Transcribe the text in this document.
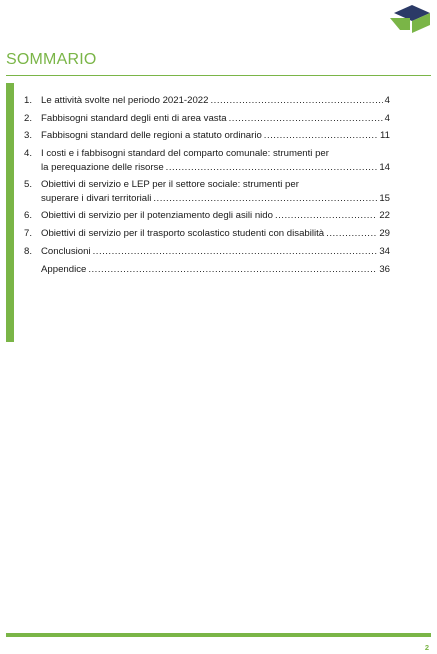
SOMMARIO
1. Le attività svolte nel periodo 2021-2022 .....	4
2. Fabbisogni standard degli enti di area vasta .....	4
3. Fabbisogni standard delle regioni a statuto ordinario .....	11
4. I costi e i fabbisogni standard del comparto comunale: strumenti per
la perequazione delle risorse .....	14
5. Obiettivi di servizio e LEP per il settore sociale: strumenti per
superare i divari territoriali .....	15
6. Obiettivi di servizio per il potenziamento degli asili nido .....	22
7. Obiettivi di servizio per il trasporto scolastico studenti con disabilità .....	29
8. Conclusioni .....	34
Appendice .....	36
2
